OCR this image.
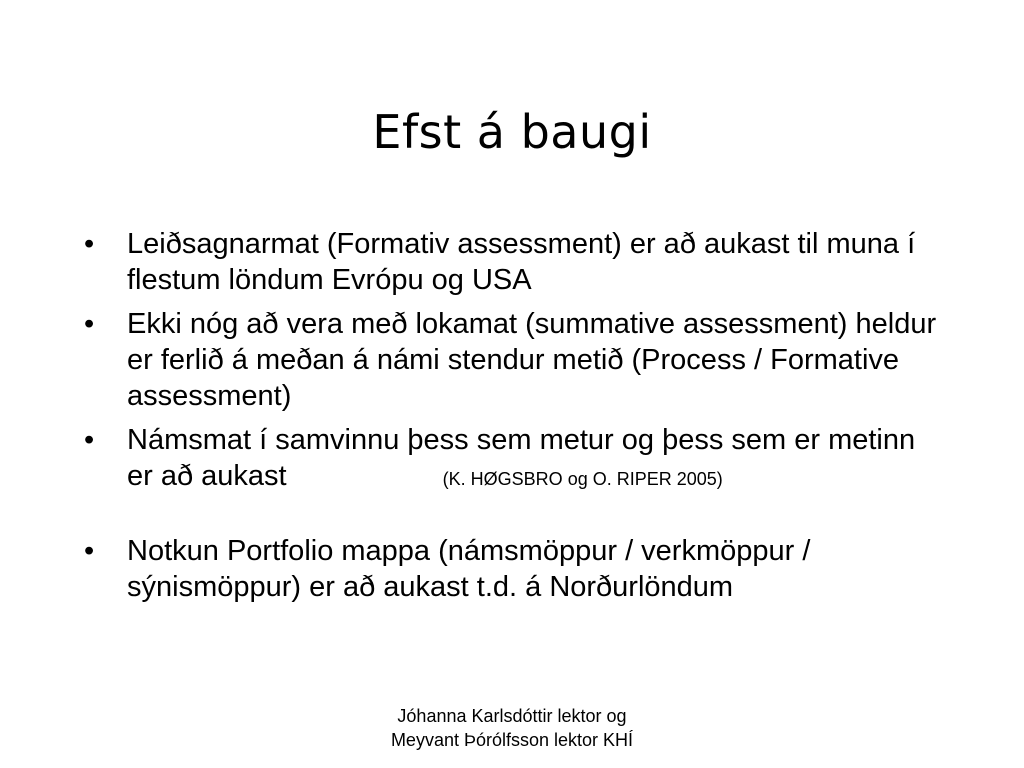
Efst á baugi
•	Leiðsagnarmat (Formativ assessment) er að aukast til muna í flestum löndum Evrópu og USA
•	Ekki nóg að vera með lokamat (summative assessment) heldur er ferlið á meðan á námi stendur metið (Process / Formative assessment)
•	Námsmat í samvinnu þess sem metur og þess sem er metinn er að aukast	(K. HØGSBRO og O. RIPER 2005)
•	Notkun Portfolio mappa (námsmöppur / verkmöppur / sýnismöppur) er að aukast t.d. á Norðurlöndum
Jóhanna Karlsdóttir lektor og
Meyvant Þórólfsson lektor KHÍ
